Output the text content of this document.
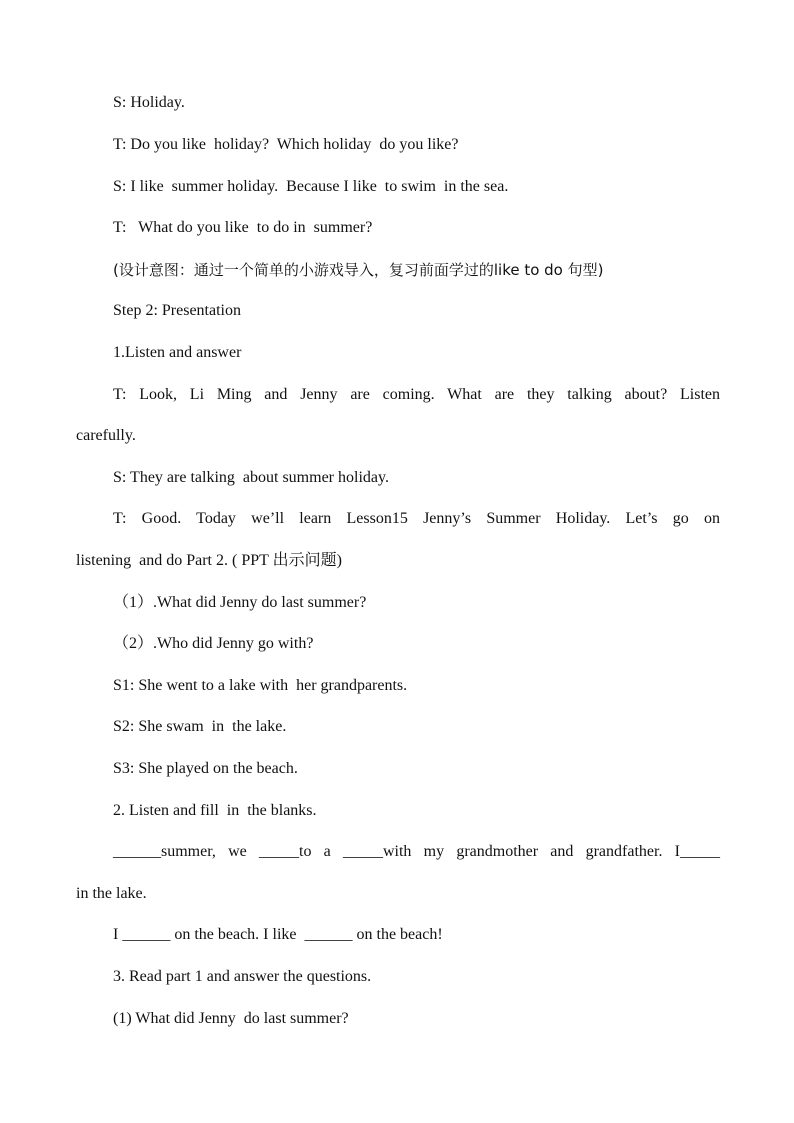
S: Holiday.
T: Do you like  holiday?  Which holiday  do you like?
S: I like  summer holiday.  Because I like  to swim  in the sea.
T:   What do you like  to do in  summer?
(设计意图：通过一个简单的小游戏导入，复习前面学过的like to do 句型)
Step 2: Presentation
1.Listen and answer
T: Look, Li Ming and Jenny are coming. What are they talking about? Listen
carefully.
S: They are talking  about summer holiday.
T: Good. Today we’ll learn Lesson15 Jenny’s Summer Holiday. Let’s go on
listening  and do Part 2. ( PPT 出示问题)
（1）.What did Jenny do last summer?
（2）.Who did Jenny go with?
S1: She went to a lake with  her grandparents.
S2: She swam  in  the lake.
S3: She played on the beach.
2. Listen and fill  in  the blanks.
______summer, we _____to a _____with my grandmother and grandfather. I_____
in the lake.
I ______ on the beach. I like  ______ on the beach!
3. Read part 1 and answer the questions.
(1) What did Jenny  do last summer?
